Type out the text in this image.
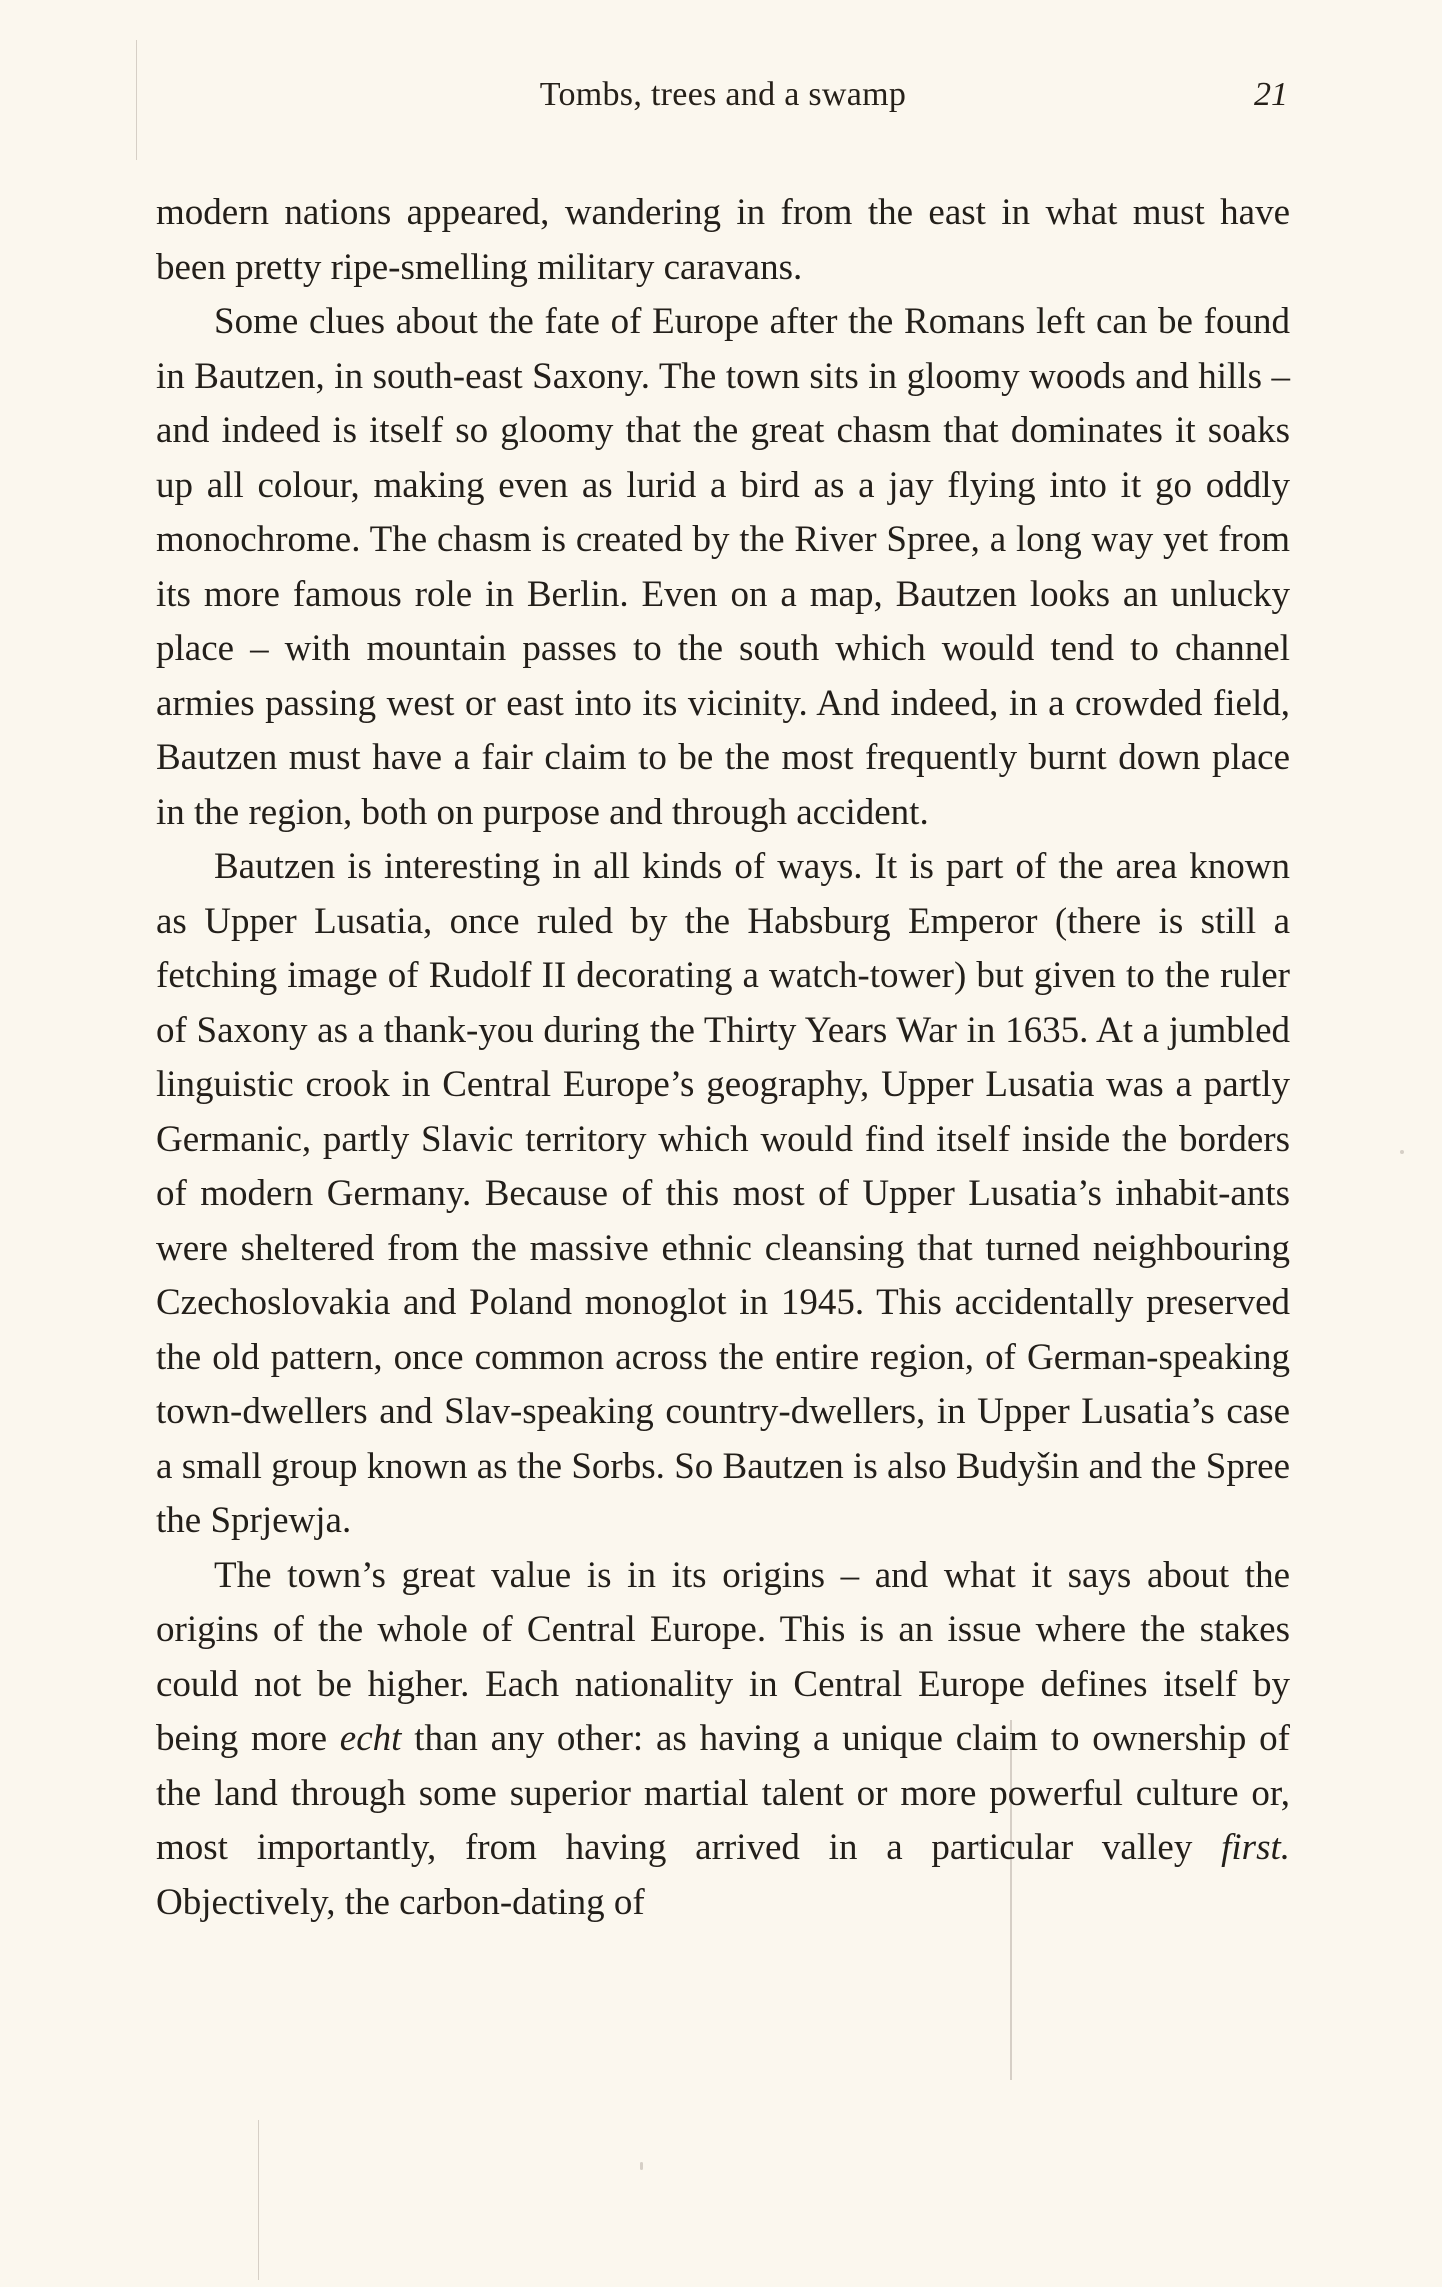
Tombs, trees and a swamp	21

modern nations appeared, wandering in from the east in what must have been pretty ripe-smelling military caravans.

Some clues about the fate of Europe after the Romans left can be found in Bautzen, in south-east Saxony. The town sits in gloomy woods and hills – and indeed is itself so gloomy that the great chasm that dominates it soaks up all colour, making even as lurid a bird as a jay flying into it go oddly monochrome. The chasm is created by the River Spree, a long way yet from its more famous role in Berlin. Even on a map, Bautzen looks an unlucky place – with mountain passes to the south which would tend to channel armies passing west or east into its vicinity. And indeed, in a crowded field, Bautzen must have a fair claim to be the most frequently burnt down place in the region, both on purpose and through accident.

Bautzen is interesting in all kinds of ways. It is part of the area known as Upper Lusatia, once ruled by the Habsburg Emperor (there is still a fetching image of Rudolf II decorating a watch-tower) but given to the ruler of Saxony as a thank-you during the Thirty Years War in 1635. At a jumbled linguistic crook in Central Europe’s geography, Upper Lusatia was a partly Germanic, partly Slavic territory which would find itself inside the borders of modern Germany. Because of this most of Upper Lusatia’s inhabit-ants were sheltered from the massive ethnic cleansing that turned neighbouring Czechoslovakia and Poland monoglot in 1945. This accidentally preserved the old pattern, once common across the entire region, of German-speaking town-dwellers and Slav-speaking country-dwellers, in Upper Lusatia’s case a small group known as the Sorbs. So Bautzen is also Budyšin and the Spree the Sprjewja.

The town’s great value is in its origins – and what it says about the origins of the whole of Central Europe. This is an issue where the stakes could not be higher. Each nationality in Central Europe defines itself by being more echt than any other: as having a unique claim to ownership of the land through some superior martial talent or more powerful culture or, most importantly, from having arrived in a particular valley first. Objectively, the carbon-dating of
